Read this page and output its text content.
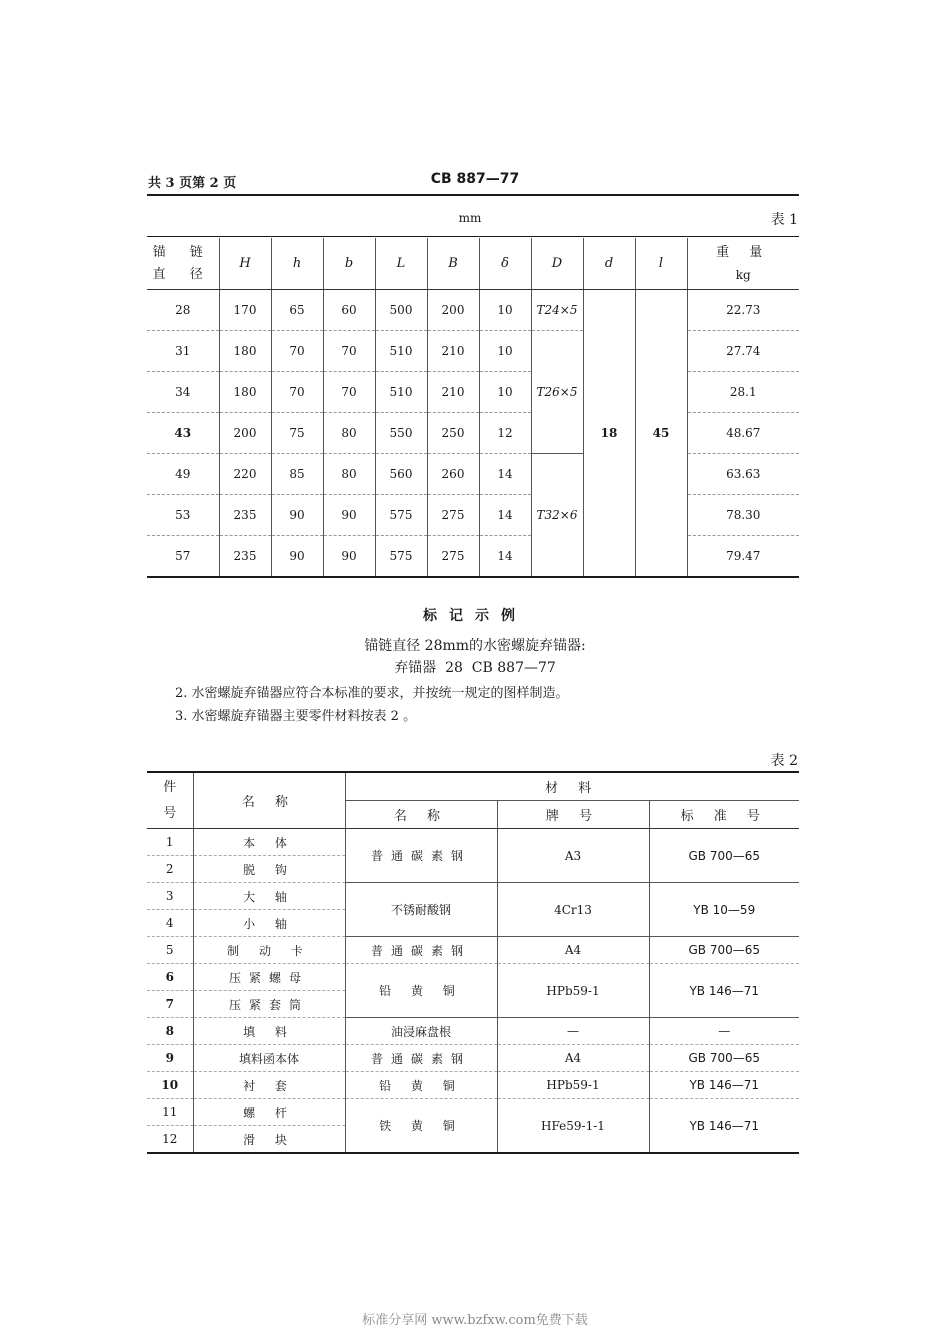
共 3 页第 2 页	CB 887—77
mm	表 1
锚 链
直 径	H	h	b	L	B	δ	D	d	l	重 量
kg

28	170	65	60	500	200	10	T24×5	18	45	22.73
31	180	70	70	510	210	10	T26×5			27.74
34	180	70	70	510	210	10				28.1
43	200	75	80	550	250	12				48.67
49	220	85	80	560	260	14	T32×6			63.63
53	235	90	90	575	275	14				78.30
57	235	90	90	575	275	14				79.47
标记示例
锚链直径 28mm的水密螺旋弃锚器:
弃锚器  28  CB 887—77
2. 水密螺旋弃锚器应符合本标准的要求，并按统一规定的图样制造。
3. 水密螺旋弃锚器主要零件材料按表 2 。
表 2
件
号	名 称	材 料		
		名 称	牌 号	标 准 号
1	本 体	普通碳素钢	A3	GB 700—65
2	脱 钩			
3	大 轴	不锈耐酸钢	4Cr13	YB 10—59
4	小 轴			
5	制 动 卡	普通碳素钢	A4	GB 700—65
6	压紧螺母	铅 黄 铜	HPb59-1	YB 146—71
7	压紧套筒			
8	填 料	油浸麻盘根	—	—
9	填料函本体	普通碳素钢	A4	GB 700—65
10	衬 套	铅 黄 铜	HPb59-1	YB 146—71
11	螺 杆	铁 黄 铜	HFe59-1-1	YB 146—71
12	滑 块			
标准分享网 www.bzfxw.com免费下载
